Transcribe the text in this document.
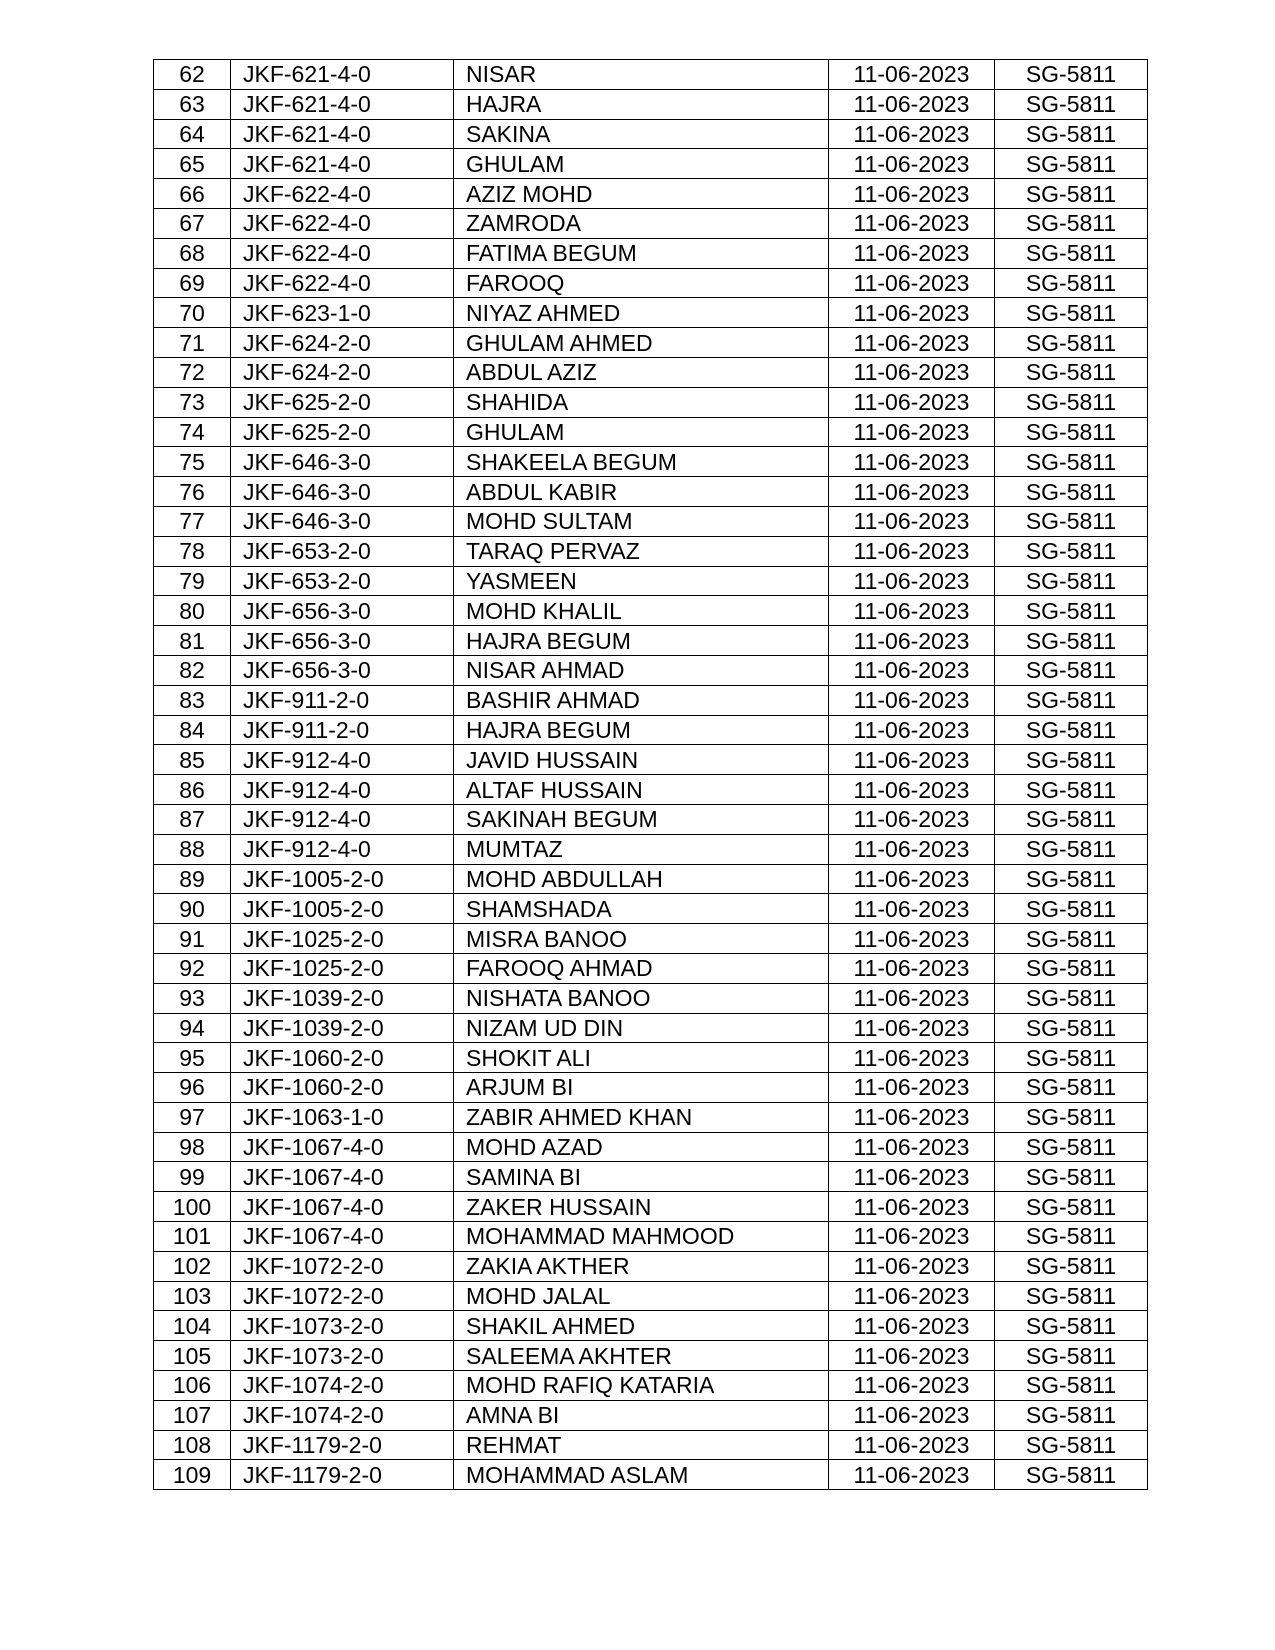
62	JKF-621-4-0	NISAR	11-06-2023	SG-5811
63	JKF-621-4-0	HAJRA	11-06-2023	SG-5811
64	JKF-621-4-0	SAKINA	11-06-2023	SG-5811
65	JKF-621-4-0	GHULAM	11-06-2023	SG-5811
66	JKF-622-4-0	AZIZ MOHD	11-06-2023	SG-5811
67	JKF-622-4-0	ZAMRODA	11-06-2023	SG-5811
68	JKF-622-4-0	FATIMA BEGUM	11-06-2023	SG-5811
69	JKF-622-4-0	FAROOQ	11-06-2023	SG-5811
70	JKF-623-1-0	NIYAZ AHMED	11-06-2023	SG-5811
71	JKF-624-2-0	GHULAM AHMED	11-06-2023	SG-5811
72	JKF-624-2-0	ABDUL AZIZ	11-06-2023	SG-5811
73	JKF-625-2-0	SHAHIDA	11-06-2023	SG-5811
74	JKF-625-2-0	GHULAM	11-06-2023	SG-5811
75	JKF-646-3-0	SHAKEELA BEGUM	11-06-2023	SG-5811
76	JKF-646-3-0	ABDUL KABIR	11-06-2023	SG-5811
77	JKF-646-3-0	MOHD SULTAM	11-06-2023	SG-5811
78	JKF-653-2-0	TARAQ PERVAZ	11-06-2023	SG-5811
79	JKF-653-2-0	YASMEEN	11-06-2023	SG-5811
80	JKF-656-3-0	MOHD KHALIL	11-06-2023	SG-5811
81	JKF-656-3-0	HAJRA BEGUM	11-06-2023	SG-5811
82	JKF-656-3-0	NISAR AHMAD	11-06-2023	SG-5811
83	JKF-911-2-0	BASHIR AHMAD	11-06-2023	SG-5811
84	JKF-911-2-0	HAJRA BEGUM	11-06-2023	SG-5811
85	JKF-912-4-0	JAVID HUSSAIN	11-06-2023	SG-5811
86	JKF-912-4-0	ALTAF HUSSAIN	11-06-2023	SG-5811
87	JKF-912-4-0	SAKINAH BEGUM	11-06-2023	SG-5811
88	JKF-912-4-0	MUMTAZ	11-06-2023	SG-5811
89	JKF-1005-2-0	MOHD ABDULLAH	11-06-2023	SG-5811
90	JKF-1005-2-0	SHAMSHADA	11-06-2023	SG-5811
91	JKF-1025-2-0	MISRA BANOO	11-06-2023	SG-5811
92	JKF-1025-2-0	FAROOQ AHMAD	11-06-2023	SG-5811
93	JKF-1039-2-0	NISHATA BANOO	11-06-2023	SG-5811
94	JKF-1039-2-0	NIZAM UD DIN	11-06-2023	SG-5811
95	JKF-1060-2-0	SHOKIT ALI	11-06-2023	SG-5811
96	JKF-1060-2-0	ARJUM BI	11-06-2023	SG-5811
97	JKF-1063-1-0	ZABIR AHMED KHAN	11-06-2023	SG-5811
98	JKF-1067-4-0	MOHD AZAD	11-06-2023	SG-5811
99	JKF-1067-4-0	SAMINA BI	11-06-2023	SG-5811
100	JKF-1067-4-0	ZAKER HUSSAIN	11-06-2023	SG-5811
101	JKF-1067-4-0	MOHAMMAD MAHMOOD	11-06-2023	SG-5811
102	JKF-1072-2-0	ZAKIA AKTHER	11-06-2023	SG-5811
103	JKF-1072-2-0	MOHD JALAL	11-06-2023	SG-5811
104	JKF-1073-2-0	SHAKIL AHMED	11-06-2023	SG-5811
105	JKF-1073-2-0	SALEEMA AKHTER	11-06-2023	SG-5811
106	JKF-1074-2-0	MOHD RAFIQ KATARIA	11-06-2023	SG-5811
107	JKF-1074-2-0	AMNA BI	11-06-2023	SG-5811
108	JKF-1179-2-0	REHMAT	11-06-2023	SG-5811
109	JKF-1179-2-0	MOHAMMAD ASLAM	11-06-2023	SG-5811
